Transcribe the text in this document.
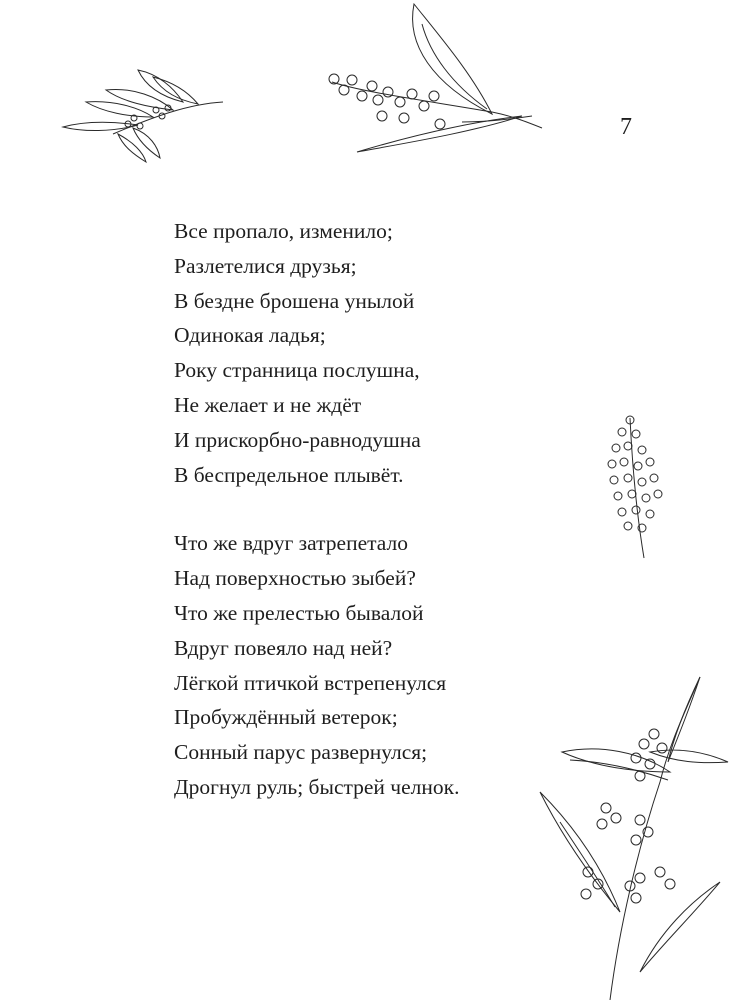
7

Все пропало, изменило;
Разлетелися друзья;
В бездне брошена унылой
Одинокая ладья;
Року странница послушна,
Не желает и не ждёт
И прискорбно-равнодушна
В беспредельное плывёт.

Что же вдруг затрепетало
Над поверхностью зыбей?
Что же прелестью бывалой
Вдруг повеяло над ней?
Лёгкой птичкой встрепенулся
Пробуждённый ветерок;
Сонный парус развернулся;
Дрогнул руль; быстрей челнок.
